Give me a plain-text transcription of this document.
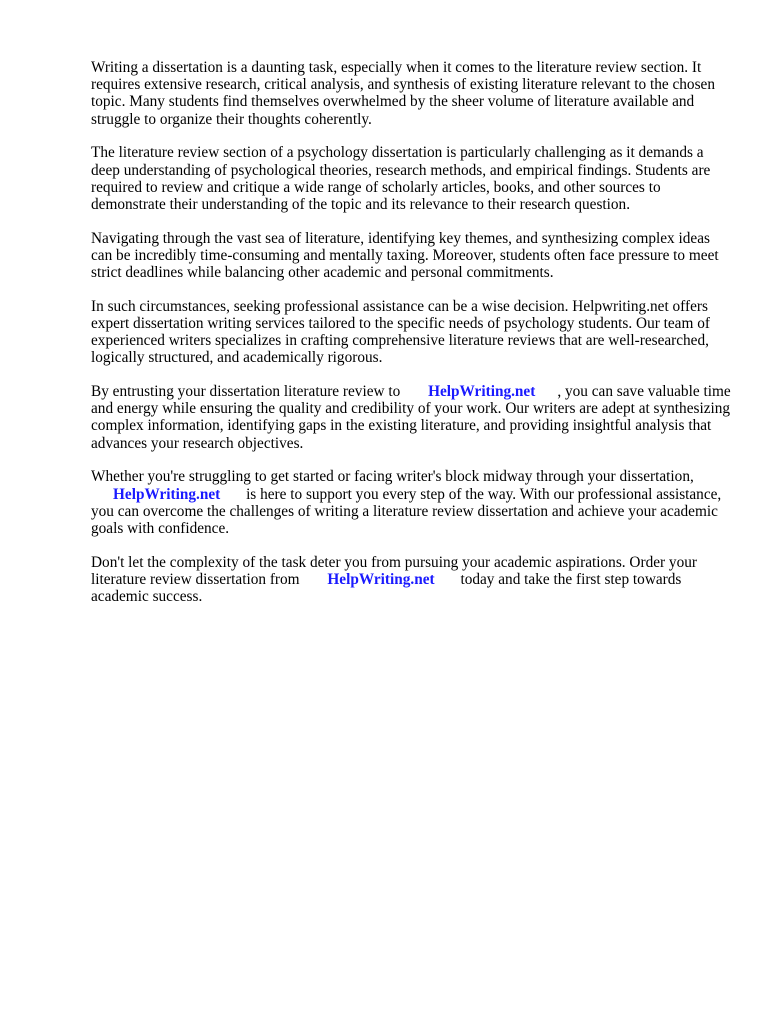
Writing a dissertation is a daunting task, especially when it comes to the literature review section. It requires extensive research, critical analysis, and synthesis of existing literature relevant to the chosen topic. Many students find themselves overwhelmed by the sheer volume of literature available and struggle to organize their thoughts coherently.

The literature review section of a psychology dissertation is particularly challenging as it demands a deep understanding of psychological theories, research methods, and empirical findings. Students are required to review and critique a wide range of scholarly articles, books, and other sources to demonstrate their understanding of the topic and its relevance to their research question.

Navigating through the vast sea of literature, identifying key themes, and synthesizing complex ideas can be incredibly time-consuming and mentally taxing. Moreover, students often face pressure to meet strict deadlines while balancing other academic and personal commitments.

In such circumstances, seeking professional assistance can be a wise decision. Helpwriting.net offers expert dissertation writing services tailored to the specific needs of psychology students. Our team of experienced writers specializes in crafting comprehensive literature reviews that are well-researched, logically structured, and academically rigorous.

By entrusting your dissertation literature review to HelpWriting.net , you can save valuable time and energy while ensuring the quality and credibility of your work. Our writers are adept at synthesizing complex information, identifying gaps in the existing literature, and providing insightful analysis that advances your research objectives.

Whether you're struggling to get started or facing writer's block midway through your dissertation, HelpWriting.net is here to support you every step of the way. With our professional assistance, you can overcome the challenges of writing a literature review dissertation and achieve your academic goals with confidence.

Don't let the complexity of the task deter you from pursuing your academic aspirations. Order your literature review dissertation from HelpWriting.net today and take the first step towards academic success.
